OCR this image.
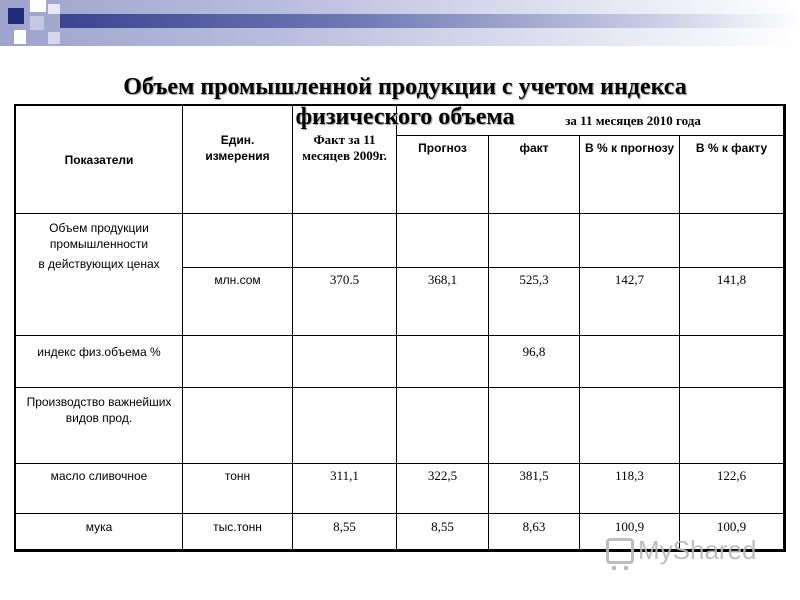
Объем промышленной продукции с учетом индекса физического объема
Показатели	Един. измерения	Факт за 11 месяцев 2009г.	за 11 месяцев 2010 года			
			Прогноз	факт	В % к прогнозу	В % к факту

Объем продукции промышленности
в действующих ценах						

	млн.сом	370.5	368,1	525,3	142,7	141,8
индекс физ.объема %				96,8		
Производство важнейших видов прод.						
масло сливочное	тонн	311,1	322,5	381,5	118,3	122,6
мука	тыс.тонн	8,55	8,55	8,63	100,9	100,9
MyShared
